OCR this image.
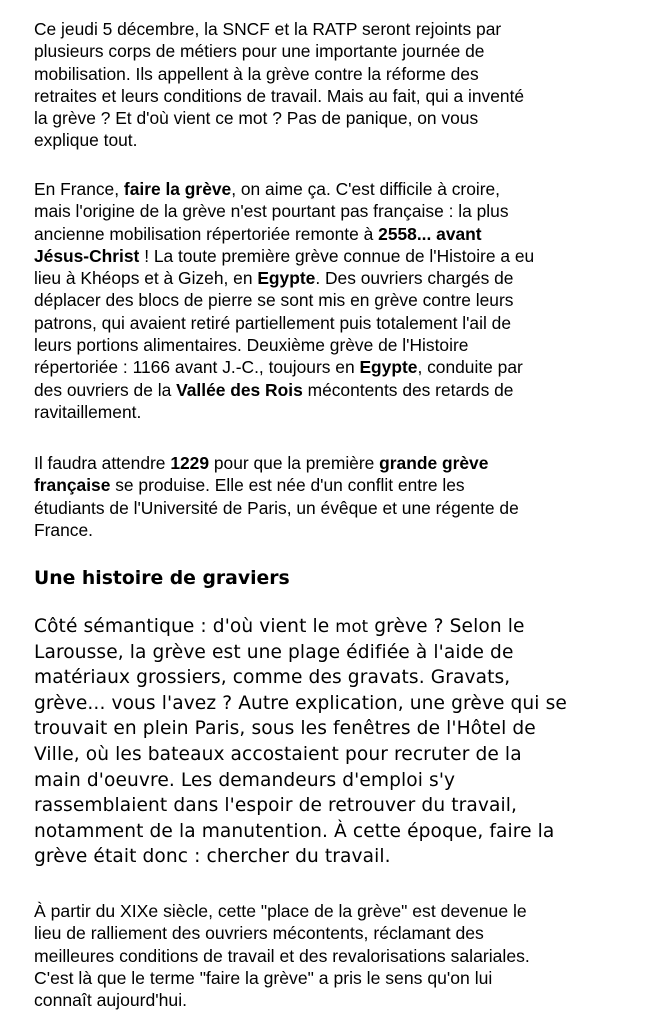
Ce jeudi 5 décembre, la SNCF et la RATP seront rejoints par
plusieurs corps de métiers pour une importante journée de
mobilisation. Ils appellent à la grève contre la réforme des
retraites et leurs conditions de travail. Mais au fait, qui a inventé
la grève ? Et d'où vient ce mot ? Pas de panique, on vous
explique tout.
En France, faire la grève, on aime ça. C'est difficile à croire,
mais l'origine de la grève n'est pourtant pas française : la plus
ancienne mobilisation répertoriée remonte à 2558... avant
Jésus-Christ ! La toute première grève connue de l'Histoire a eu
lieu à Khéops et à Gizeh, en Egypte. Des ouvriers chargés de
déplacer des blocs de pierre se sont mis en grève contre leurs
patrons, qui avaient retiré partiellement puis totalement l'ail de
leurs portions alimentaires. Deuxième grève de l'Histoire
répertoriée : 1166 avant J.-C., toujours en Egypte, conduite par
des ouvriers de la Vallée des Rois mécontents des retards de
ravitaillement.
Il faudra attendre 1229 pour que la première grande grève
française se produise. Elle est née d'un conflit entre les
étudiants de l'Université de Paris, un évêque et une régente de
France.
Une histoire de graviers
Côté sémantique : d'où vient le mot grève ? Selon le
Larousse, la grève est une plage édifiée à l'aide de
matériaux grossiers, comme des gravats. Gravats,
grève... vous l'avez ? Autre explication, une grève qui se
trouvait en plein Paris, sous les fenêtres de l'Hôtel de
Ville, où les bateaux accostaient pour recruter de la
main d'oeuvre. Les demandeurs d'emploi s'y
rassemblaient dans l'espoir de retrouver du travail,
notamment de la manutention. À cette époque, faire la
grève était donc : chercher du travail.
À partir du XIXe siècle, cette "place de la grève" est devenue le
lieu de ralliement des ouvriers mécontents, réclamant des
meilleures conditions de travail et des revalorisations salariales.
C'est là que le terme "faire la grève" a pris le sens qu'on lui
connaît aujourd'hui.
